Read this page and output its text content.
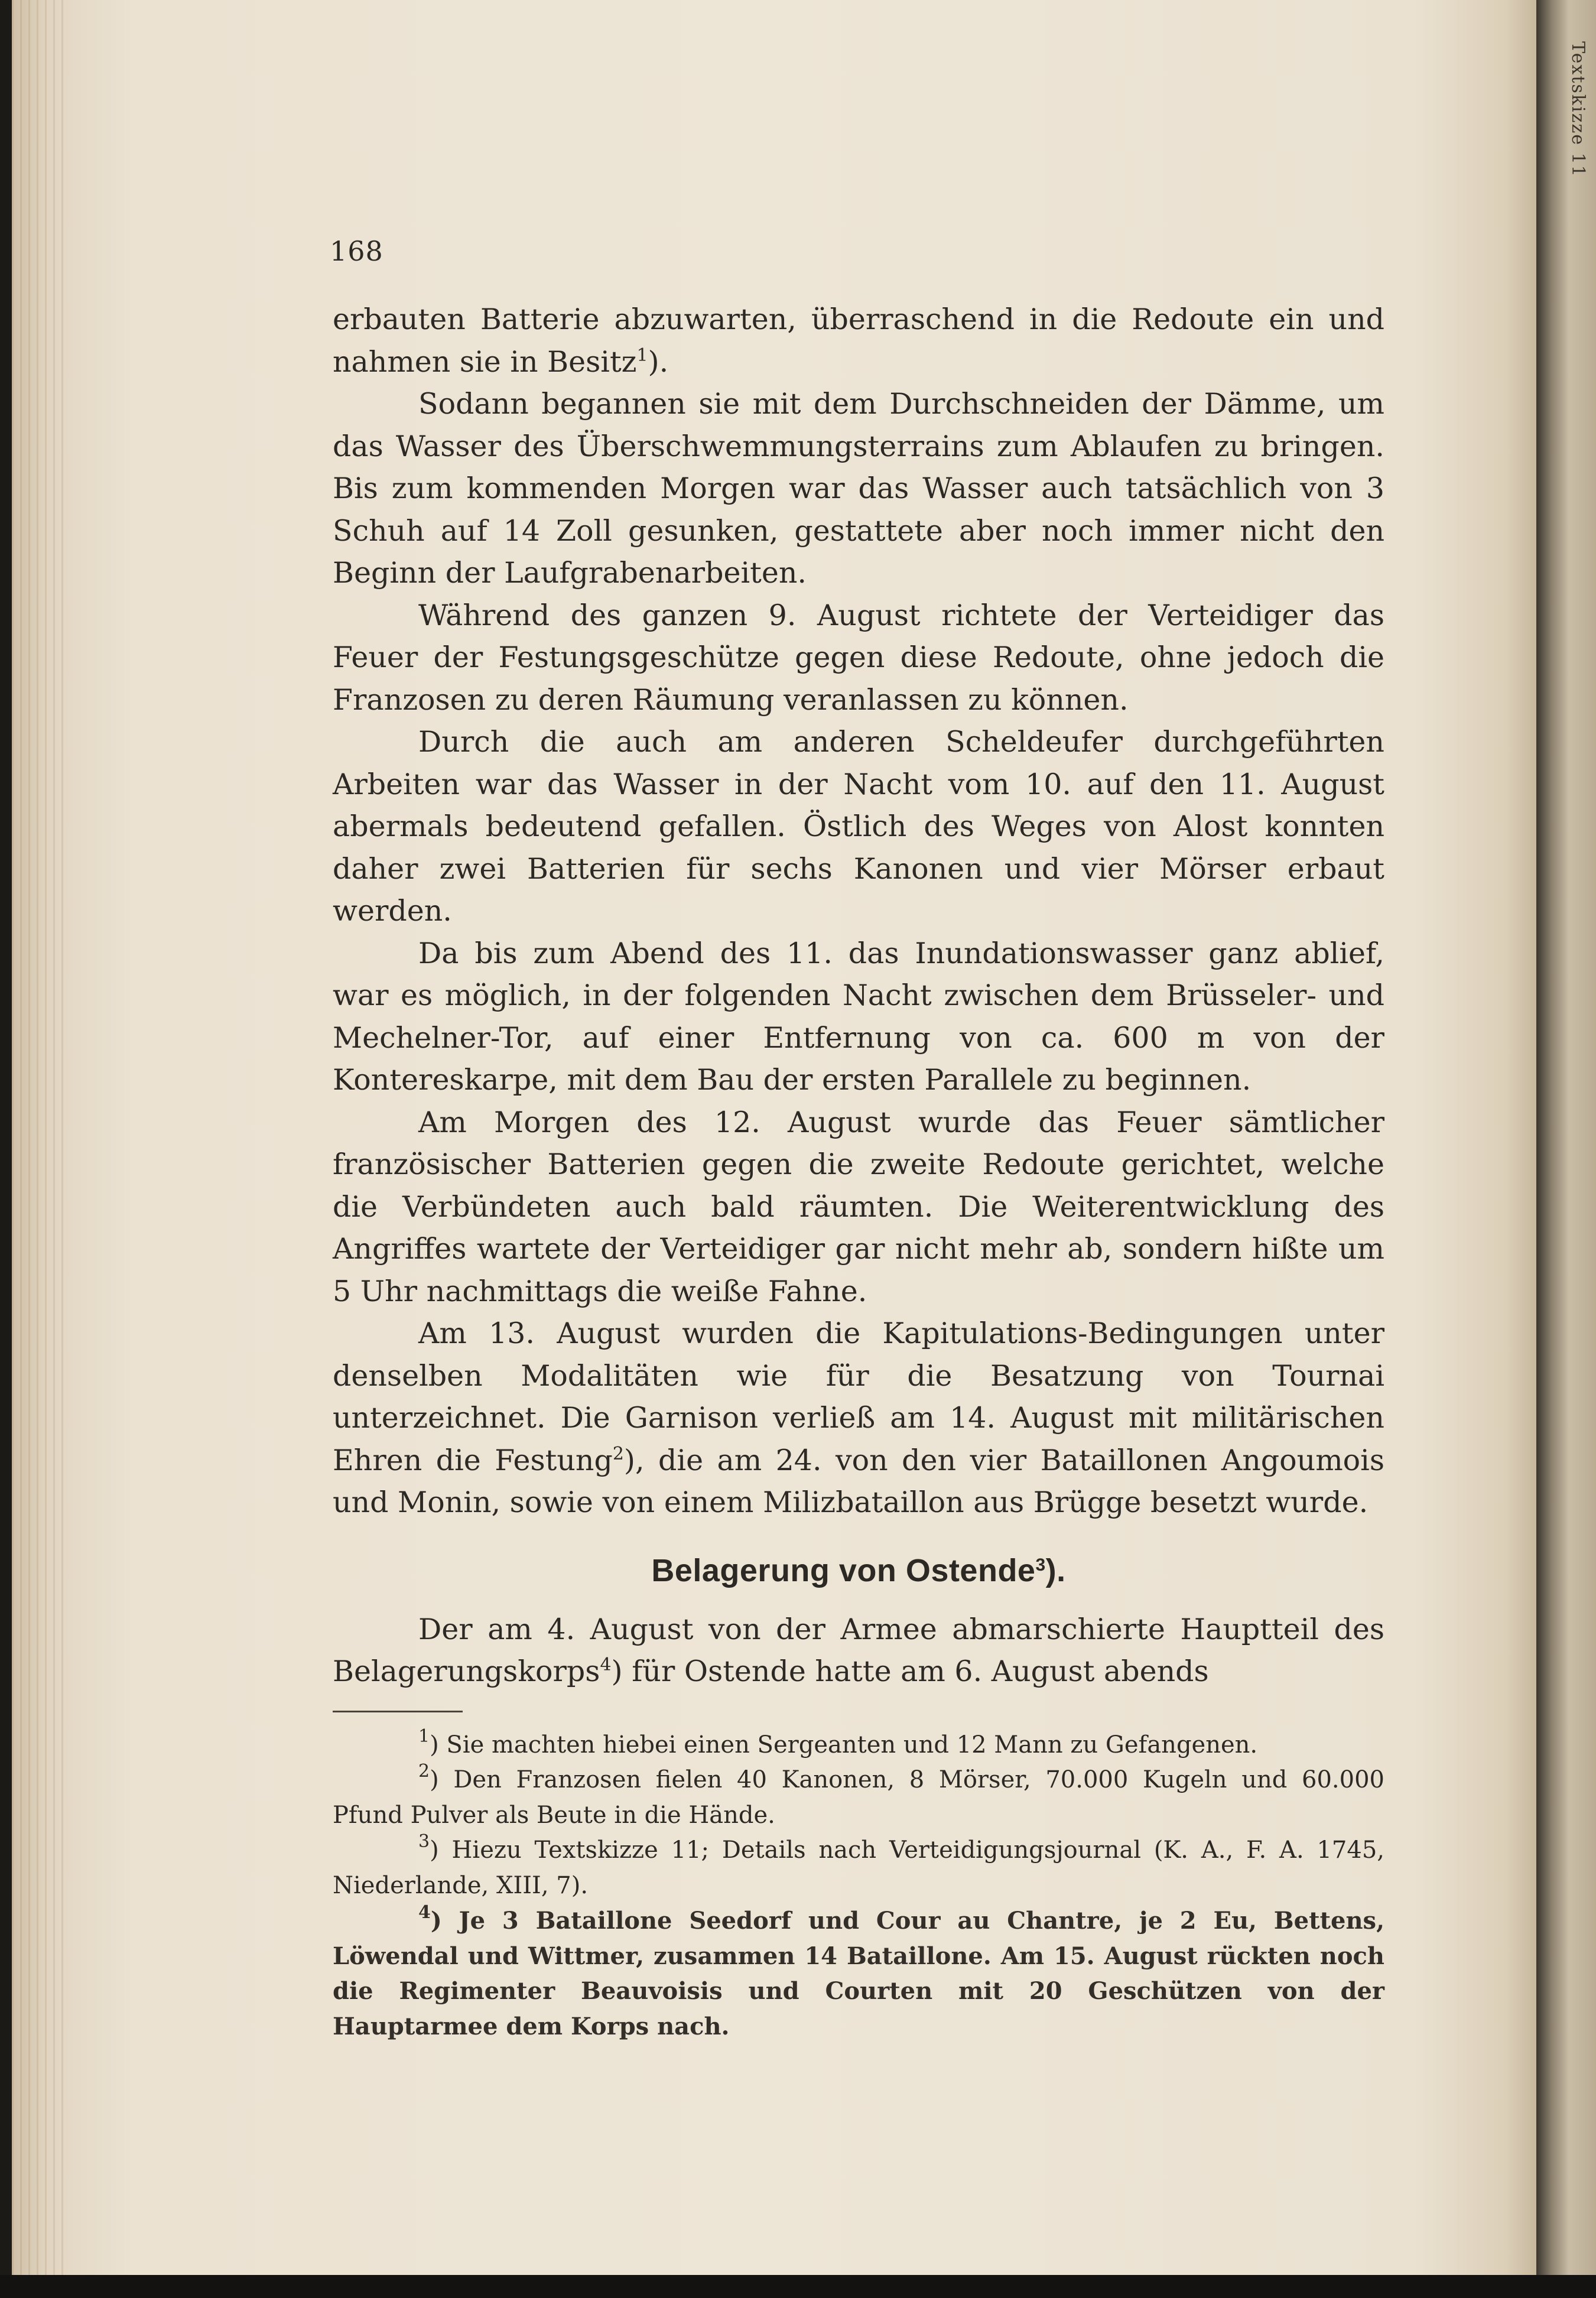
Textskizze 11
168

erbauten Batterie abzuwarten, überraschend in die Redoute ein und nahmen sie in Besitz$^1$).

Sodann begannen sie mit dem Durchschneiden der Dämme, um das Wasser des Überschwemmungsterrains zum Ablaufen zu bringen. Bis zum kommenden Morgen war das Wasser auch tatsächlich von 3 Schuh auf 14 Zoll gesunken, gestattete aber noch immer nicht den Beginn der Laufgrabenarbeiten.

Während des ganzen 9. August richtete der Verteidiger das Feuer der Festungsgeschütze gegen diese Redoute, ohne jedoch die Franzosen zu deren Räumung veranlassen zu können.

Durch die auch am anderen Scheldeufer durchgeführten Arbeiten war das Wasser in der Nacht vom 10. auf den 11. August abermals bedeutend gefallen. Östlich des Weges von Alost konnten daher zwei Batterien für sechs Kanonen und vier Mörser erbaut werden.

Da bis zum Abend des 11. das Inundationswasser ganz ablief, war es möglich, in der folgenden Nacht zwischen dem Brüsseler- und Mechelner-Tor, auf einer Entfernung von ca. 600 m von der Kontereskarpe, mit dem Bau der ersten Parallele zu beginnen.

Am Morgen des 12. August wurde das Feuer sämtlicher französischer Batterien gegen die zweite Redoute gerichtet, welche die Verbündeten auch bald räumten. Die Weiterentwicklung des Angriffes wartete der Verteidiger gar nicht mehr ab, sondern hißte um 5 Uhr nachmittags die weiße Fahne.

Am 13. August wurden die Kapitulations-Bedingungen unter denselben Modalitäten wie für die Besatzung von Tournai unterzeichnet. Die Garnison verließ am 14. August mit militärischen Ehren die Festung$^2$), die am 24. von den vier Bataillonen Angoumois und Monin, sowie von einem Milizbataillon aus Brügge besetzt wurde.

Belagerung von Ostende$^3$).

Der am 4. August von der Armee abmarschierte Hauptteil des Belagerungskorps$^4$) für Ostende hatte am 6. August abends

$^1$) Sie machten hiebei einen Sergeanten und 12 Mann zu Gefangenen.

$^2$) Den Franzosen fielen 40 Kanonen, 8 Mörser, 70.000 Kugeln und 60.000 Pfund Pulver als Beute in die Hände.

$^3$) Hiezu Textskizze 11; Details nach Verteidigungsjournal (K. A., F. A. 1745, Niederlande, XIII, 7).

$^4$) Je 3 Bataillone Seedorf und Cour au Chantre, je 2 Eu, Bettens, Löwendal und Wittmer, zusammen 14 Bataillone. Am 15. August rückten noch die Regimenter Beauvoisis und Courten mit 20 Geschützen von der Hauptarmee dem Korps nach.
